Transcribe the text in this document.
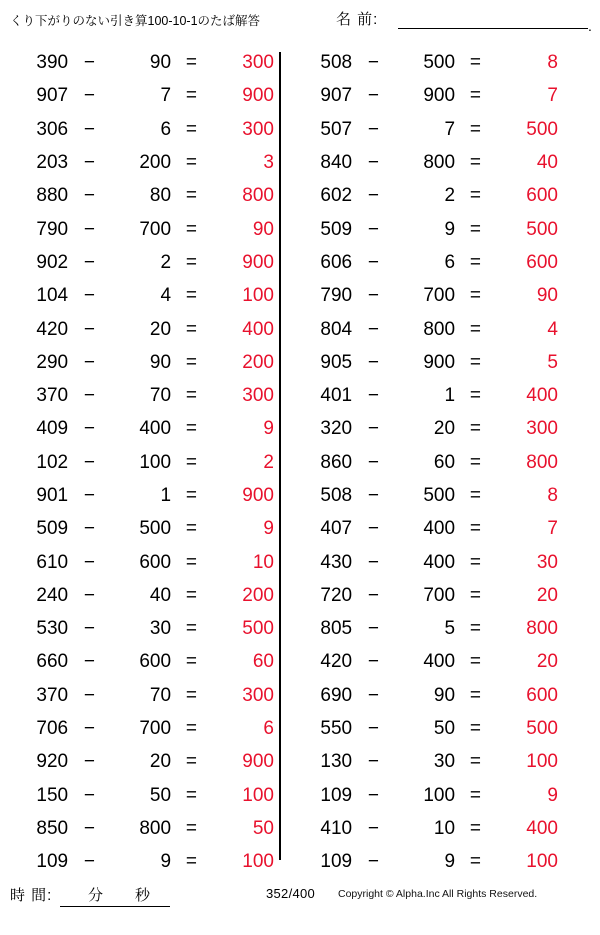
くり下がりのない引き算100-10-1のたば解答	名 前:	.
390 −	90 =	300
907 −	7 =	900
306 −	6 =	300
203 −	200 =	3
880 −	80 =	800
790 −	700 =	90
902 −	2 =	900
104 −	4 =	100
420 −	20 =	400
290 −	90 =	200
370 −	70 =	300
409 −	400 =	9
102 −	100 =	2
901 −	1 =	900
509 −	500 =	9
610 −	600 =	10
240 −	40 =	200
530 −	30 =	500
660 −	600 =	60
370 −	70 =	300
706 −	700 =	6
920 −	20 =	900
150 −	50 =	100
850 −	800 =	50
109 −	9 =	100
508 −	500 =	8
907 −	900 =	7
507 −	7 =	500
840 −	800 =	40
602 −	2 =	600
509 −	9 =	500
606 −	6 =	600
790 −	700 =	90
804 −	800 =	4
905 −	900 =	5
401 −	1 =	400
320 −	20 =	300
860 −	60 =	800
508 −	500 =	8
407 −	400 =	7
430 −	400 =	30
720 −	700 =	20
805 −	5 =	800
420 −	400 =	20
690 −	90 =	600
550 −	50 =	500
130 −	30 =	100
109 −	100 =	9
410 −	10 =	400
109 −	9 =	100
時 間: 分 秒	352/400 Copyright © Alpha.Inc All Rights Reserved.
